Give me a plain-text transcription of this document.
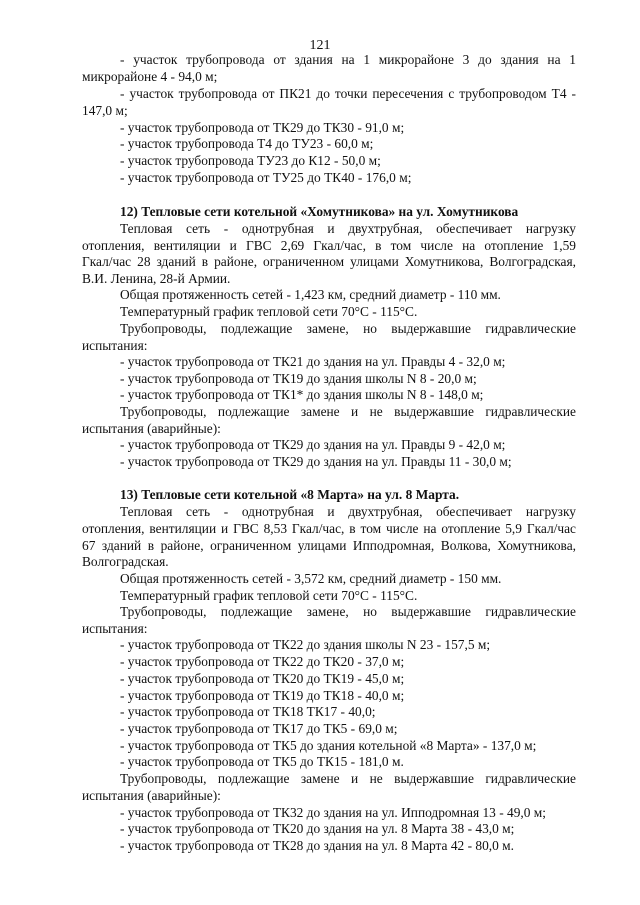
121
- участок трубопровода от здания на 1 микрорайоне 3 до здания на 1
микрорайоне 4 - 94,0 м;
- участок трубопровода от ПК21 до точки пересечения с трубопроводом Т4 -
147,0 м;
- участок трубопровода от ТК29 до ТК30 - 91,0 м;
- участок трубопровода Т4 до ТУ23 - 60,0 м;
- участок трубопровода ТУ23 до К12 - 50,0 м;
- участок трубопровода от ТУ25 до ТК40 - 176,0 м;
12) Тепловые сети котельной «Хомутникова» на ул. Хомутникова
Тепловая сеть - однотрубная и двухтрубная, обеспечивает нагрузку
отопления, вентиляции и ГВС 2,69 Гкал/час, в том числе на отопление 1,59
Гкал/час 28 зданий в районе, ограниченном улицами Хомутникова, Волгоградская,
В.И. Ленина, 28-й Армии.
Общая протяженность сетей - 1,423 км, средний диаметр - 110 мм.
Температурный график тепловой сети 70°С - 115°С.
Трубопроводы, подлежащие замене, но выдержавшие гидравлические
испытания:
- участок трубопровода от ТК21 до здания на ул. Правды 4 - 32,0 м;
- участок трубопровода от ТК19 до здания школы N 8 - 20,0 м;
- участок трубопровода от ТК1* до здания школы N 8 - 148,0 м;
Трубопроводы, подлежащие замене и не выдержавшие гидравлические
испытания (аварийные):
- участок трубопровода от ТК29 до здания на ул. Правды 9 - 42,0 м;
- участок трубопровода от ТК29 до здания на ул. Правды 11 - 30,0 м;
13) Тепловые сети котельной «8 Марта» на ул. 8 Марта.
Тепловая сеть - однотрубная и двухтрубная, обеспечивает нагрузку
отопления, вентиляции и ГВС 8,53 Гкал/час, в том числе на отопление 5,9 Гкал/час
67 зданий в районе, ограниченном улицами Ипподромная, Волкова, Хомутникова,
Волгоградская.
Общая протяженность сетей - 3,572 км, средний диаметр - 150 мм.
Температурный график тепловой сети 70°С - 115°С.
Трубопроводы, подлежащие замене, но выдержавшие гидравлические
испытания:
- участок трубопровода от ТК22 до здания школы N 23 - 157,5 м;
- участок трубопровода от ТК22 до ТК20 - 37,0 м;
- участок трубопровода от ТК20 до ТК19 - 45,0 м;
- участок трубопровода от ТК19 до ТК18 - 40,0 м;
- участок трубопровода от ТК18 ТК17 - 40,0;
- участок трубопровода от ТК17 до ТК5 - 69,0 м;
- участок трубопровода от ТК5 до здания котельной «8 Марта» - 137,0 м;
- участок трубопровода от ТК5 до ТК15 - 181,0 м.
Трубопроводы, подлежащие замене и не выдержавшие гидравлические
испытания (аварийные):
- участок трубопровода от ТК32 до здания на ул. Ипподромная 13 - 49,0 м;
- участок трубопровода от ТК20 до здания на ул. 8 Марта 38 - 43,0 м;
- участок трубопровода от ТК28 до здания на ул. 8 Марта 42 - 80,0 м.
